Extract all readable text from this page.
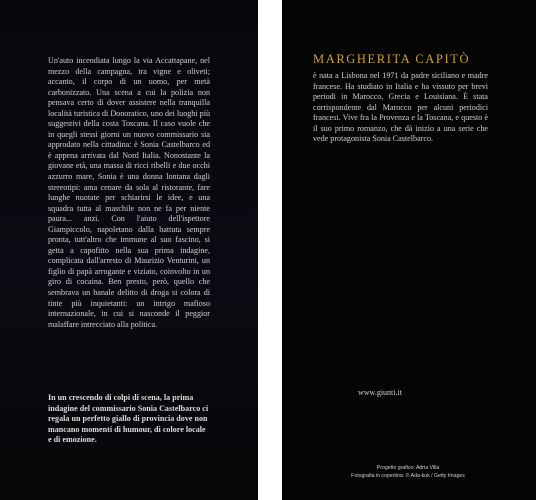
Un'auto incendiata lungo la via Accattapane, nel mezzo della campagna, tra vigne e oliveti; accanto, il corpo di un uomo, per metà carbonizzato. Una scena a cui la polizia non pensava certo di dover assistere nella tranquilla località turistica di Donoratico, uno dei luoghi più suggestivi della costa Toscana. Il caso vuole che in quegli stessi giorni un nuovo commissario sia approdato nella cittadina: è Sonia Castelbarco ed è appena arrivata dal Nord Italia. Nonostante la giovane età, una massa di ricci ribelli e due occhi azzurro mare, Sonia è una donna lontana dagli stereotipi: ama cenare da sola al ristorante, fare lunghe nuotate per schiarirsi le idee, e una squadra tutta al maschile non ne fa per niente paura... anzi. Con l'aiuto dell'ispettore Giampiccolo, napoletano dalla battuta sempre pronta, tutt'altro che immune al suo fascino, si getta a capofitto nella sua prima indagine, complicata dall'arresto di Maurizio Venturini, un figlio di papà arrogante e viziato, coinvolto in un giro di cocaina. Ben presto, però, quello che sembrava un banale delitto di droga si colora di tinte più inquietanti: un intrigo mafioso internazionale, in cui si nasconde il peggior malaffare intrecciato alla politica.

In un crescendo di colpi di scena, la prima indagine del commissario Sonia Castelbarco ci regala un perfetto giallo di provincia dove non mancano momenti di humour, di colore locale e di emozione.

MARGHERITA CAPITÒ

è nata a Lisbona nel 1971 da padre siciliano e madre francese. Ha studiato in Italia e ha vissuto per brevi periodi in Marocco, Grecia e Louisiana. È stata corrispondente dal Marocco per alcuni periodici francesi. Vive fra la Provenza e la Toscana, e questo è il suo primo romanzo, che dà inizio a una serie che vede protagonista Sonia Castelbarco.

www.giunti.it

Progetto grafico: Adria Villa
Fotografia in copertina: © Ada-kuk / Getty Images
